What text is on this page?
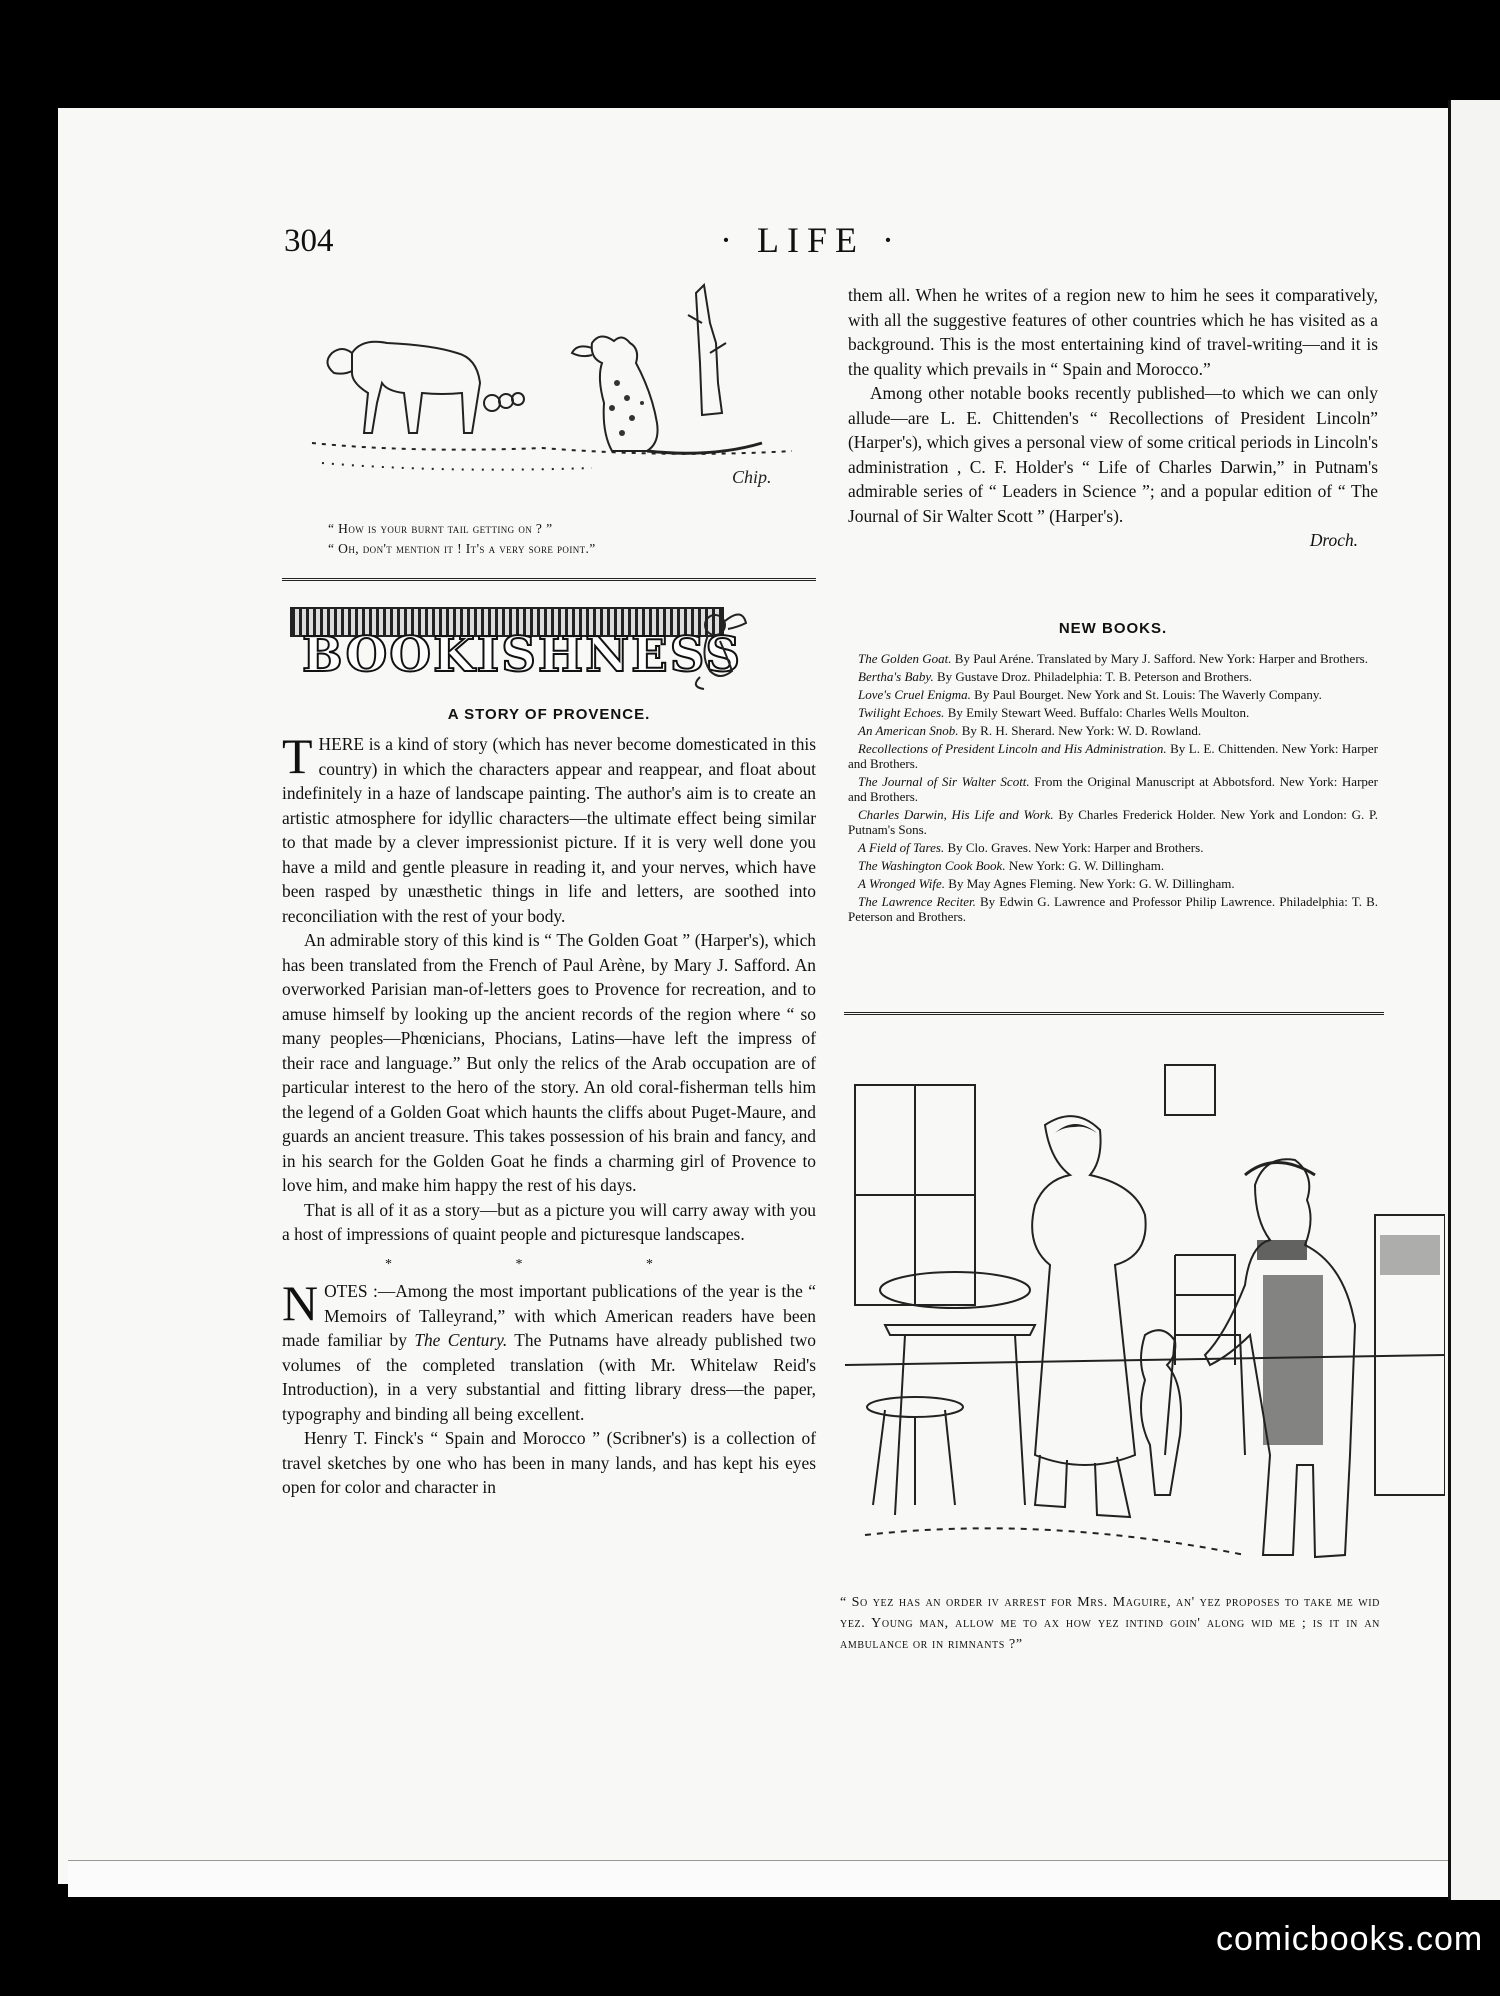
304	· LIFE ·
Chip.
“ How is your burnt tail getting on ? ”
“ Oh, don't mention it ! It's a very sore point.”
BOOKISHNESS
A STORY OF PROVENCE.

THERE is a kind of story (which has never become domesticated in this country) in which the characters appear and reappear, and float about indefinitely in a haze of landscape painting. The author's aim is to create an artistic atmosphere for idyllic characters—the ultimate effect being similar to that made by a clever impressionist picture. If it is very well done you have a mild and gentle pleasure in reading it, and your nerves, which have been rasped by unæsthetic things in life and letters, are soothed into reconciliation with the rest of your body.

An admirable story of this kind is “ The Golden Goat ” (Harper's), which has been translated from the French of Paul Arène, by Mary J. Safford. An overworked Parisian man-of-letters goes to Provence for recreation, and to amuse himself by looking up the ancient records of the region where “ so many peoples—Phœnicians, Phocians, Latins—have left the impress of their race and language.” But only the relics of the Arab occupation are of particular interest to the hero of the story. An old coral-fisherman tells him the legend of a Golden Goat which haunts the cliffs about Puget-Maure, and guards an ancient treasure. This takes possession of his brain and fancy, and in his search for the Golden Goat he finds a charming girl of Provence to love him, and make him happy the rest of his days.

That is all of it as a story—but as a picture you will carry away with you a host of impressions of quaint people and picturesque landscapes.

* * *

NOTES :—Among the most important publications of the year is the “ Memoirs of Talleyrand,” with which American readers have been made familiar by The Century. The Putnams have already published two volumes of the completed translation (with Mr. Whitelaw Reid's Introduction), in a very substantial and fitting library dress—the paper, typography and binding all being excellent.

Henry T. Finck's “ Spain and Morocco ” (Scribner's) is a collection of travel sketches by one who has been in many lands, and has kept his eyes open for color and character in

them all. When he writes of a region new to him he sees it comparatively, with all the suggestive features of other countries which he has visited as a background. This is the most entertaining kind of travel-writing—and it is the quality which prevails in “ Spain and Morocco.”

Among other notable books recently published—to which we can only allude—are L. E. Chittenden's “ Recollections of President Lincoln” (Harper's), which gives a personal view of some critical periods in Lincoln's administration , C. F. Holder's “ Life of Charles Darwin,” in Putnam's admirable series of “ Leaders in Science ”; and a popular edition of “ The Journal of Sir Walter Scott ” (Harper's).

Droch.
NEW BOOKS.
The Golden Goat. By Paul Aréne. Translated by Mary J. Safford. New York: Harper and Brothers.
Bertha's Baby. By Gustave Droz. Philadelphia: T. B. Peterson and Brothers.
Love's Cruel Enigma. By Paul Bourget. New York and St. Louis: The Waverly Company.
Twilight Echoes. By Emily Stewart Weed. Buffalo: Charles Wells Moulton.
An American Snob. By R. H. Sherard. New York: W. D. Rowland.
Recollections of President Lincoln and His Administration. By L. E. Chittenden. New York: Harper and Brothers.
The Journal of Sir Walter Scott. From the Original Manuscript at Abbotsford. New York: Harper and Brothers.
Charles Darwin, His Life and Work. By Charles Frederick Holder. New York and London: G. P. Putnam's Sons.
A Field of Tares. By Clo. Graves. New York: Harper and Brothers.
The Washington Cook Book. New York: G. W. Dillingham.
A Wronged Wife. By May Agnes Fleming. New York: G. W. Dillingham.
The Lawrence Reciter. By Edwin G. Lawrence and Professor Philip Lawrence. Philadelphia: T. B. Peterson and Brothers.
“ So yez has an order iv arrest for Mrs. Maguire, an' yez proposes to take me wid yez. Young man, allow me to ax how yez intind goin' along wid me ; is it in an ambulance or in rimnants ?”
comicbooks.com
